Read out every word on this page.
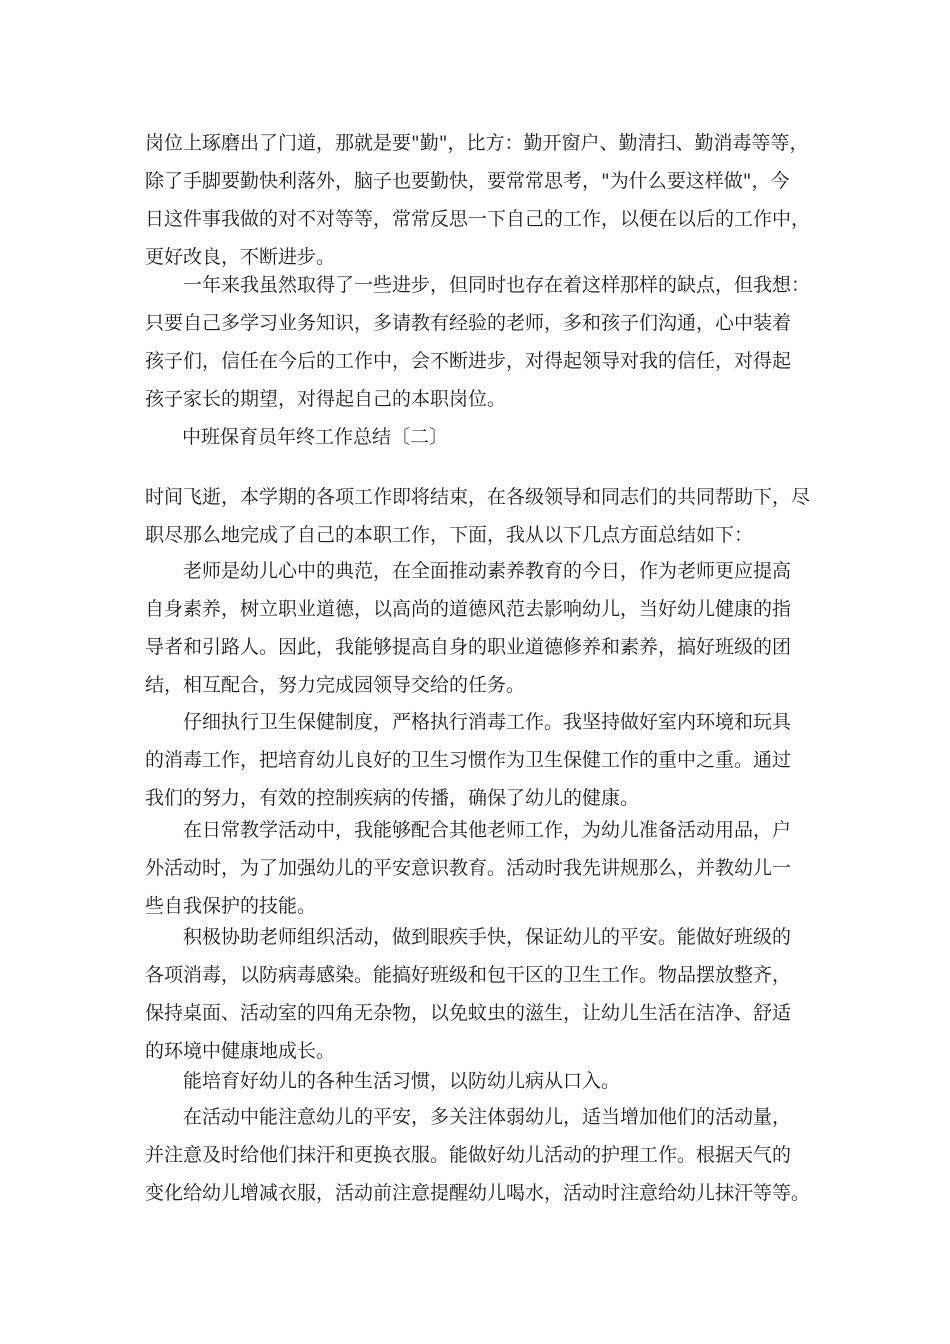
岗位上琢磨出了门道，那就是要"勤"，比方：勤开窗户、勤清扫、勤消毒等等，
除了手脚要勤快利落外，脑子也要勤快，要常常思考，"为什么要这样做"，今
日这件事我做的对不对等等，常常反思一下自己的工作，以便在以后的工作中，
更好改良，不断进步。

　　一年来我虽然取得了一些进步，但同时也存在着这样那样的缺点，但我想：
只要自己多学习业务知识，多请教有经验的老师，多和孩子们沟通，心中装着
孩子们，信任在今后的工作中，会不断进步，对得起领导对我的信任，对得起
孩子家长的期望，对得起自己的本职岗位。

中班保育员年终工作总结〔二〕

时间飞逝，本学期的各项工作即将结束，在各级领导和同志们的共同帮助下，尽
职尽那么地完成了自己的本职工作，下面，我从以下几点方面总结如下：

　　老师是幼儿心中的典范，在全面推动素养教育的今日，作为老师更应提高
自身素养，树立职业道德，以高尚的道德风范去影响幼儿，当好幼儿健康的指
导者和引路人。因此，我能够提高自身的职业道德修养和素养，搞好班级的团
结，相互配合，努力完成园领导交给的任务。

　　仔细执行卫生保健制度，严格执行消毒工作。我坚持做好室内环境和玩具
的消毒工作，把培育幼儿良好的卫生习惯作为卫生保健工作的重中之重。通过
我们的努力，有效的控制疾病的传播，确保了幼儿的健康。

　　在日常教学活动中，我能够配合其他老师工作，为幼儿准备活动用品，户
外活动时，为了加强幼儿的平安意识教育。活动时我先讲规那么，并教幼儿一
些自我保护的技能。

　　积极协助老师组织活动，做到眼疾手快，保证幼儿的平安。能做好班级的
各项消毒，以防病毒感染。能搞好班级和包干区的卫生工作。物品摆放整齐，
保持桌面、活动室的四角无杂物，以免蚊虫的滋生，让幼儿生活在洁净、舒适
的环境中健康地成长。

　　能培育好幼儿的各种生活习惯，以防幼儿病从口入。

　　在活动中能注意幼儿的平安，多关注体弱幼儿，适当增加他们的活动量，
并注意及时给他们抹汗和更换衣服。能做好幼儿活动的护理工作。根据天气的
变化给幼儿增减衣服，活动前注意提醒幼儿喝水，活动时注意给幼儿抹汗等等。
